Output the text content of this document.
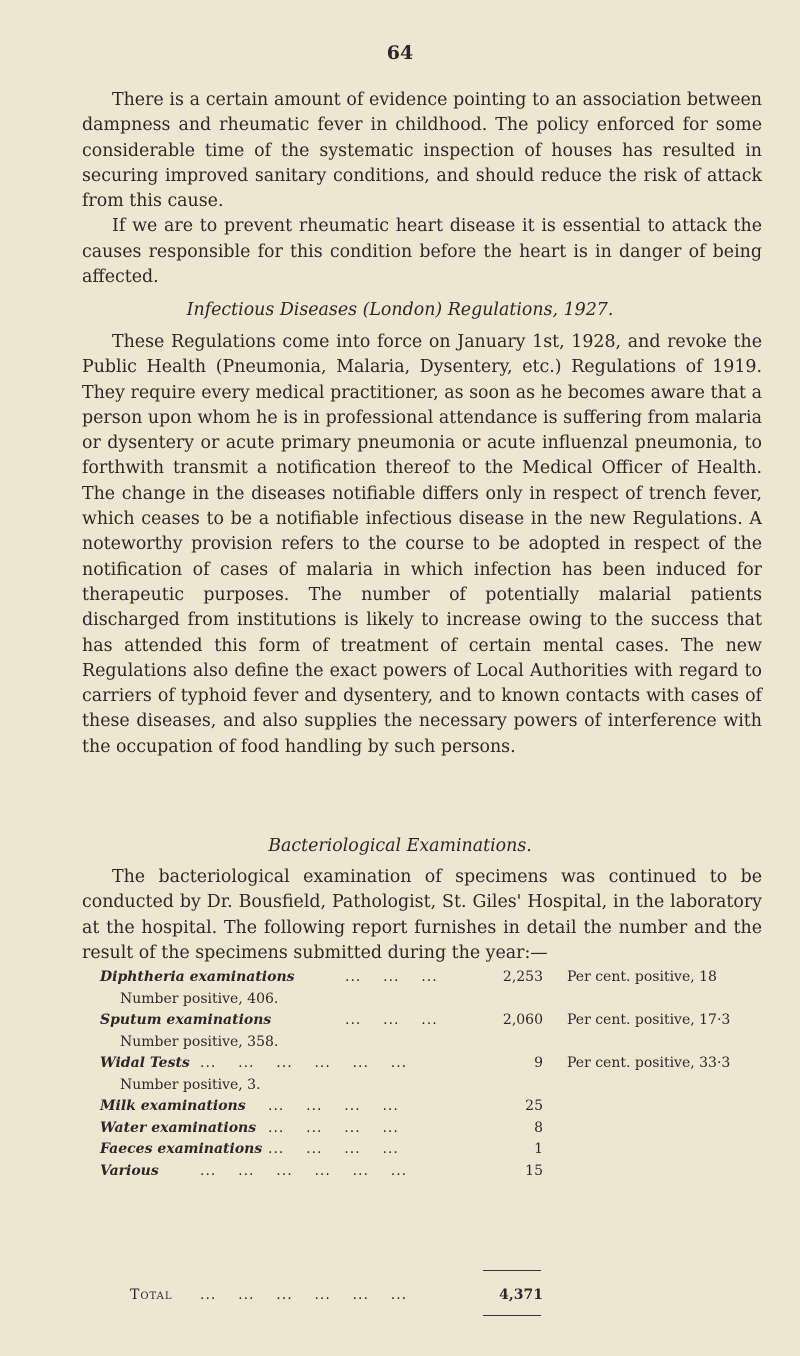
64

There is a certain amount of evidence pointing to an association between dampness and rheumatic fever in childhood. The policy enforced for some considerable time of the systematic inspection of houses has resulted in securing improved sanitary conditions, and should reduce the risk of attack from this cause.

If we are to prevent rheumatic heart disease it is essential to attack the causes responsible for this condition before the heart is in danger of being affected.

Infectious Diseases (London) Regulations, 1927.

These Regulations come into force on January 1st, 1928, and revoke the Public Health (Pneumonia, Malaria, Dysentery, etc.) Regulations of 1919. They require every medical practitioner, as soon as he becomes aware that a person upon whom he is in professional attendance is suffering from malaria or dysentery or acute primary pneumonia or acute influenzal pneumonia, to forthwith transmit a notification thereof to the Medical Officer of Health. The change in the diseases notifiable differs only in respect of trench fever, which ceases to be a notifiable infectious disease in the new Regulations. A noteworthy provision refers to the course to be adopted in respect of the notification of cases of malaria in which infection has been induced for therapeutic purposes. The number of potentially malarial patients discharged from institutions is likely to increase owing to the success that has attended this form of treatment of certain mental cases. The new Regulations also define the exact powers of Local Authorities with regard to carriers of typhoid fever and dysentery, and to known contacts with cases of these diseases, and also supplies the necessary powers of interference with the occupation of food handling by such persons.

Bacteriological Examinations.

The bacteriological examination of specimens was continued to be conducted by Dr. Bousfield, Pathologist, St. Giles' Hospital, in the laboratory at the hospital. The following report furnishes in detail the number and the result of the specimens submitted during the year:—

Diphtheria examinations	...    ...    ...	2,253 Per cent. positive, 18
Number positive, 406.
Sputum examinations	...    ...    ...	2,060 Per cent. positive, 17·3
Number positive, 358.
Widal Tests ...    ...    ...    ...    ...    ...	9 Per cent. positive, 33·3
Number positive, 3.
Milk examinations ...    ...    ...    ...	25
Water examinations ...    ...    ...    ...	8
Faeces examinations ...    ...    ...    ...	1
Various	...    ...    ...    ...    ...    ...	15
Total ...    ...    ...    ...    ...    ...	4,371
